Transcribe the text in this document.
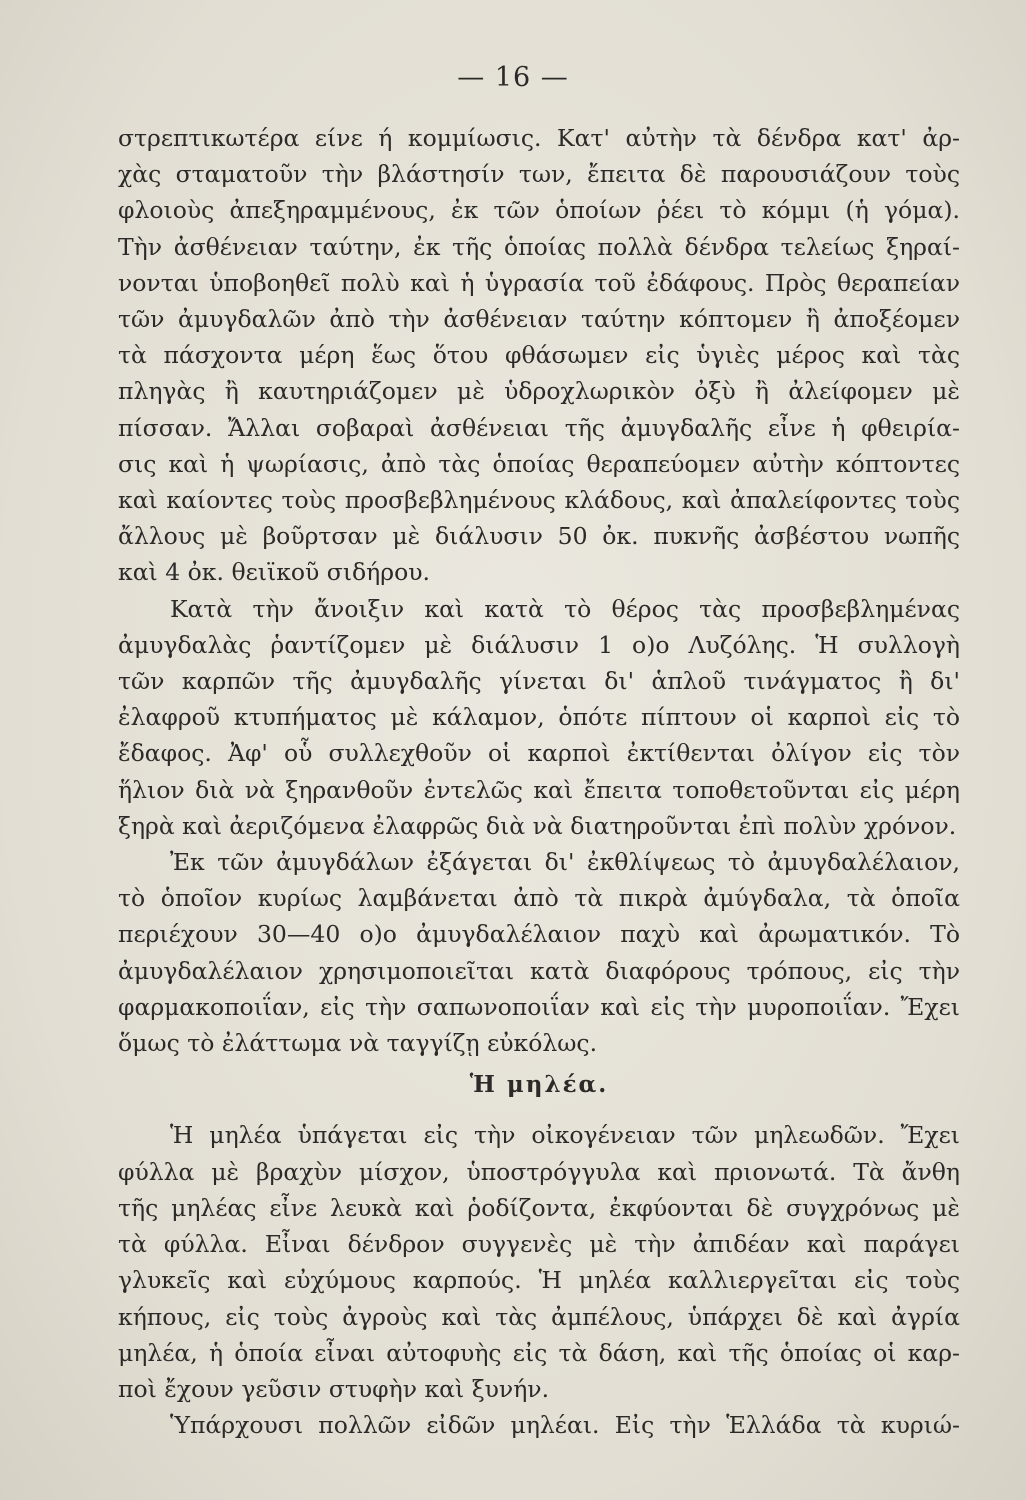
— 16 —

στρεπτικωτέρα είνε ή κομμίωσις. Κατ' αὐτὴν τὰ δένδρα κατ' ἀρ-
χὰς σταματοῦν τὴν βλάστησίν των, ἔπειτα δὲ παρουσιάζουν τοὺς
φλοιοὺς ἀπεξηραμμένους, ἐκ τῶν ὁποίων ῥέει τὸ κόμμι (ἡ γόμα).
Τὴν ἀσθένειαν ταύτην, ἐκ τῆς ὁποίας πολλὰ δένδρα τελείως ξηραί-
νονται ὑποβοηθεῖ πολὺ καὶ ἡ ὑγρασία τοῦ ἐδάφους. Πρὸς θεραπείαν
τῶν ἀμυγδαλῶν ἀπὸ τὴν ἀσθένειαν ταύτην κόπτομεν ἢ ἀποξέομεν
τὰ πάσχοντα μέρη ἕως ὅτου φθάσωμεν εἰς ὑγιὲς μέρος καὶ τὰς
πληγὰς ἢ καυτηριάζομεν μὲ ὑδροχλωρικὸν ὀξὺ ἢ ἀλείφομεν μὲ
πίσσαν. Ἄλλαι σοβαραὶ ἀσθένειαι τῆς ἀμυγδαλῆς εἶνε ἡ φθειρία-
σις καὶ ἡ ψωρίασις, ἀπὸ τὰς ὁποίας θεραπεύομεν αὐτὴν κόπτοντες
καὶ καίοντες τοὺς προσβεβλημένους κλάδους, καὶ ἀπαλείφοντες τοὺς
ἄλλους μὲ βοῦρτσαν μὲ διάλυσιν 50 ὀκ. πυκνῆς ἀσβέστου νωπῆς
καὶ 4 ὀκ. θειϊκοῦ σιδήρου.

Κατὰ τὴν ἄνοιξιν καὶ κατὰ τὸ θέρος τὰς προσβεβλημένας
ἀμυγδαλὰς ῥαντίζομεν μὲ διάλυσιν 1 ο)ο Λυζόλης. Ἡ συλλογὴ
τῶν καρπῶν τῆς ἀμυγδαλῆς γίνεται δι' ἁπλοῦ τινάγματος ἢ δι'
ἐλαφροῦ κτυπήματος μὲ κάλαμον, ὁπότε πίπτουν οἱ καρποὶ εἰς τὸ
ἔδαφος. Ἀφ' οὗ συλλεχθοῦν οἱ καρποὶ ἐκτίθενται ὀλίγον εἰς τὸν
ἥλιον διὰ νὰ ξηρανθοῦν ἐντελῶς καὶ ἔπειτα τοποθετοῦνται εἰς μέρη
ξηρὰ καὶ ἀεριζόμενα ἐλαφρῶς διὰ νὰ διατηροῦνται ἐπὶ πολὺν χρόνον.

Ἐκ τῶν ἀμυγδάλων ἐξάγεται δι' ἐκθλίψεως τὸ ἀμυγδαλέλαιον,
τὸ ὁποῖον κυρίως λαμβάνεται ἀπὸ τὰ πικρὰ ἀμύγδαλα, τὰ ὁποῖα
περιέχουν 30—40 ο)ο ἀμυγδαλέλαιον παχὺ καὶ ἀρωματικόν. Τὸ
ἀμυγδαλέλαιον χρησιμοποιεῖται κατὰ διαφόρους τρόπους, εἰς τὴν
φαρμακοποιΐαν, εἰς τὴν σαπωνοποιΐαν καὶ εἰς τὴν μυροποιΐαν. Ἔχει
ὅμως τὸ ἐλάττωμα νὰ ταγγίζῃ εὐκόλως.

Ἡ μηλέα.

Ἡ μηλέα ὑπάγεται εἰς τὴν οἰκογένειαν τῶν μηλεωδῶν. Ἔχει
φύλλα μὲ βραχὺν μίσχον, ὑποστρόγγυλα καὶ πριονωτά. Τὰ ἄνθη
τῆς μηλέας εἶνε λευκὰ καὶ ῥοδίζοντα, ἐκφύονται δὲ συγχρόνως μὲ
τὰ φύλλα. Εἶναι δένδρον συγγενὲς μὲ τὴν ἀπιδέαν καὶ παράγει
γλυκεῖς καὶ εὐχύμους καρπούς. Ἡ μηλέα καλλιεργεῖται εἰς τοὺς
κήπους, εἰς τοὺς ἀγροὺς καὶ τὰς ἀμπέλους, ὑπάρχει δὲ καὶ ἀγρία
μηλέα, ἡ ὁποία εἶναι αὐτοφυὴς εἰς τὰ δάση, καὶ τῆς ὁποίας οἱ καρ-
ποὶ ἔχουν γεῦσιν στυφὴν καὶ ξυνήν.

Ὑπάρχουσι πολλῶν εἰδῶν μηλέαι. Εἰς τὴν Ἑλλάδα τὰ κυριώ-
